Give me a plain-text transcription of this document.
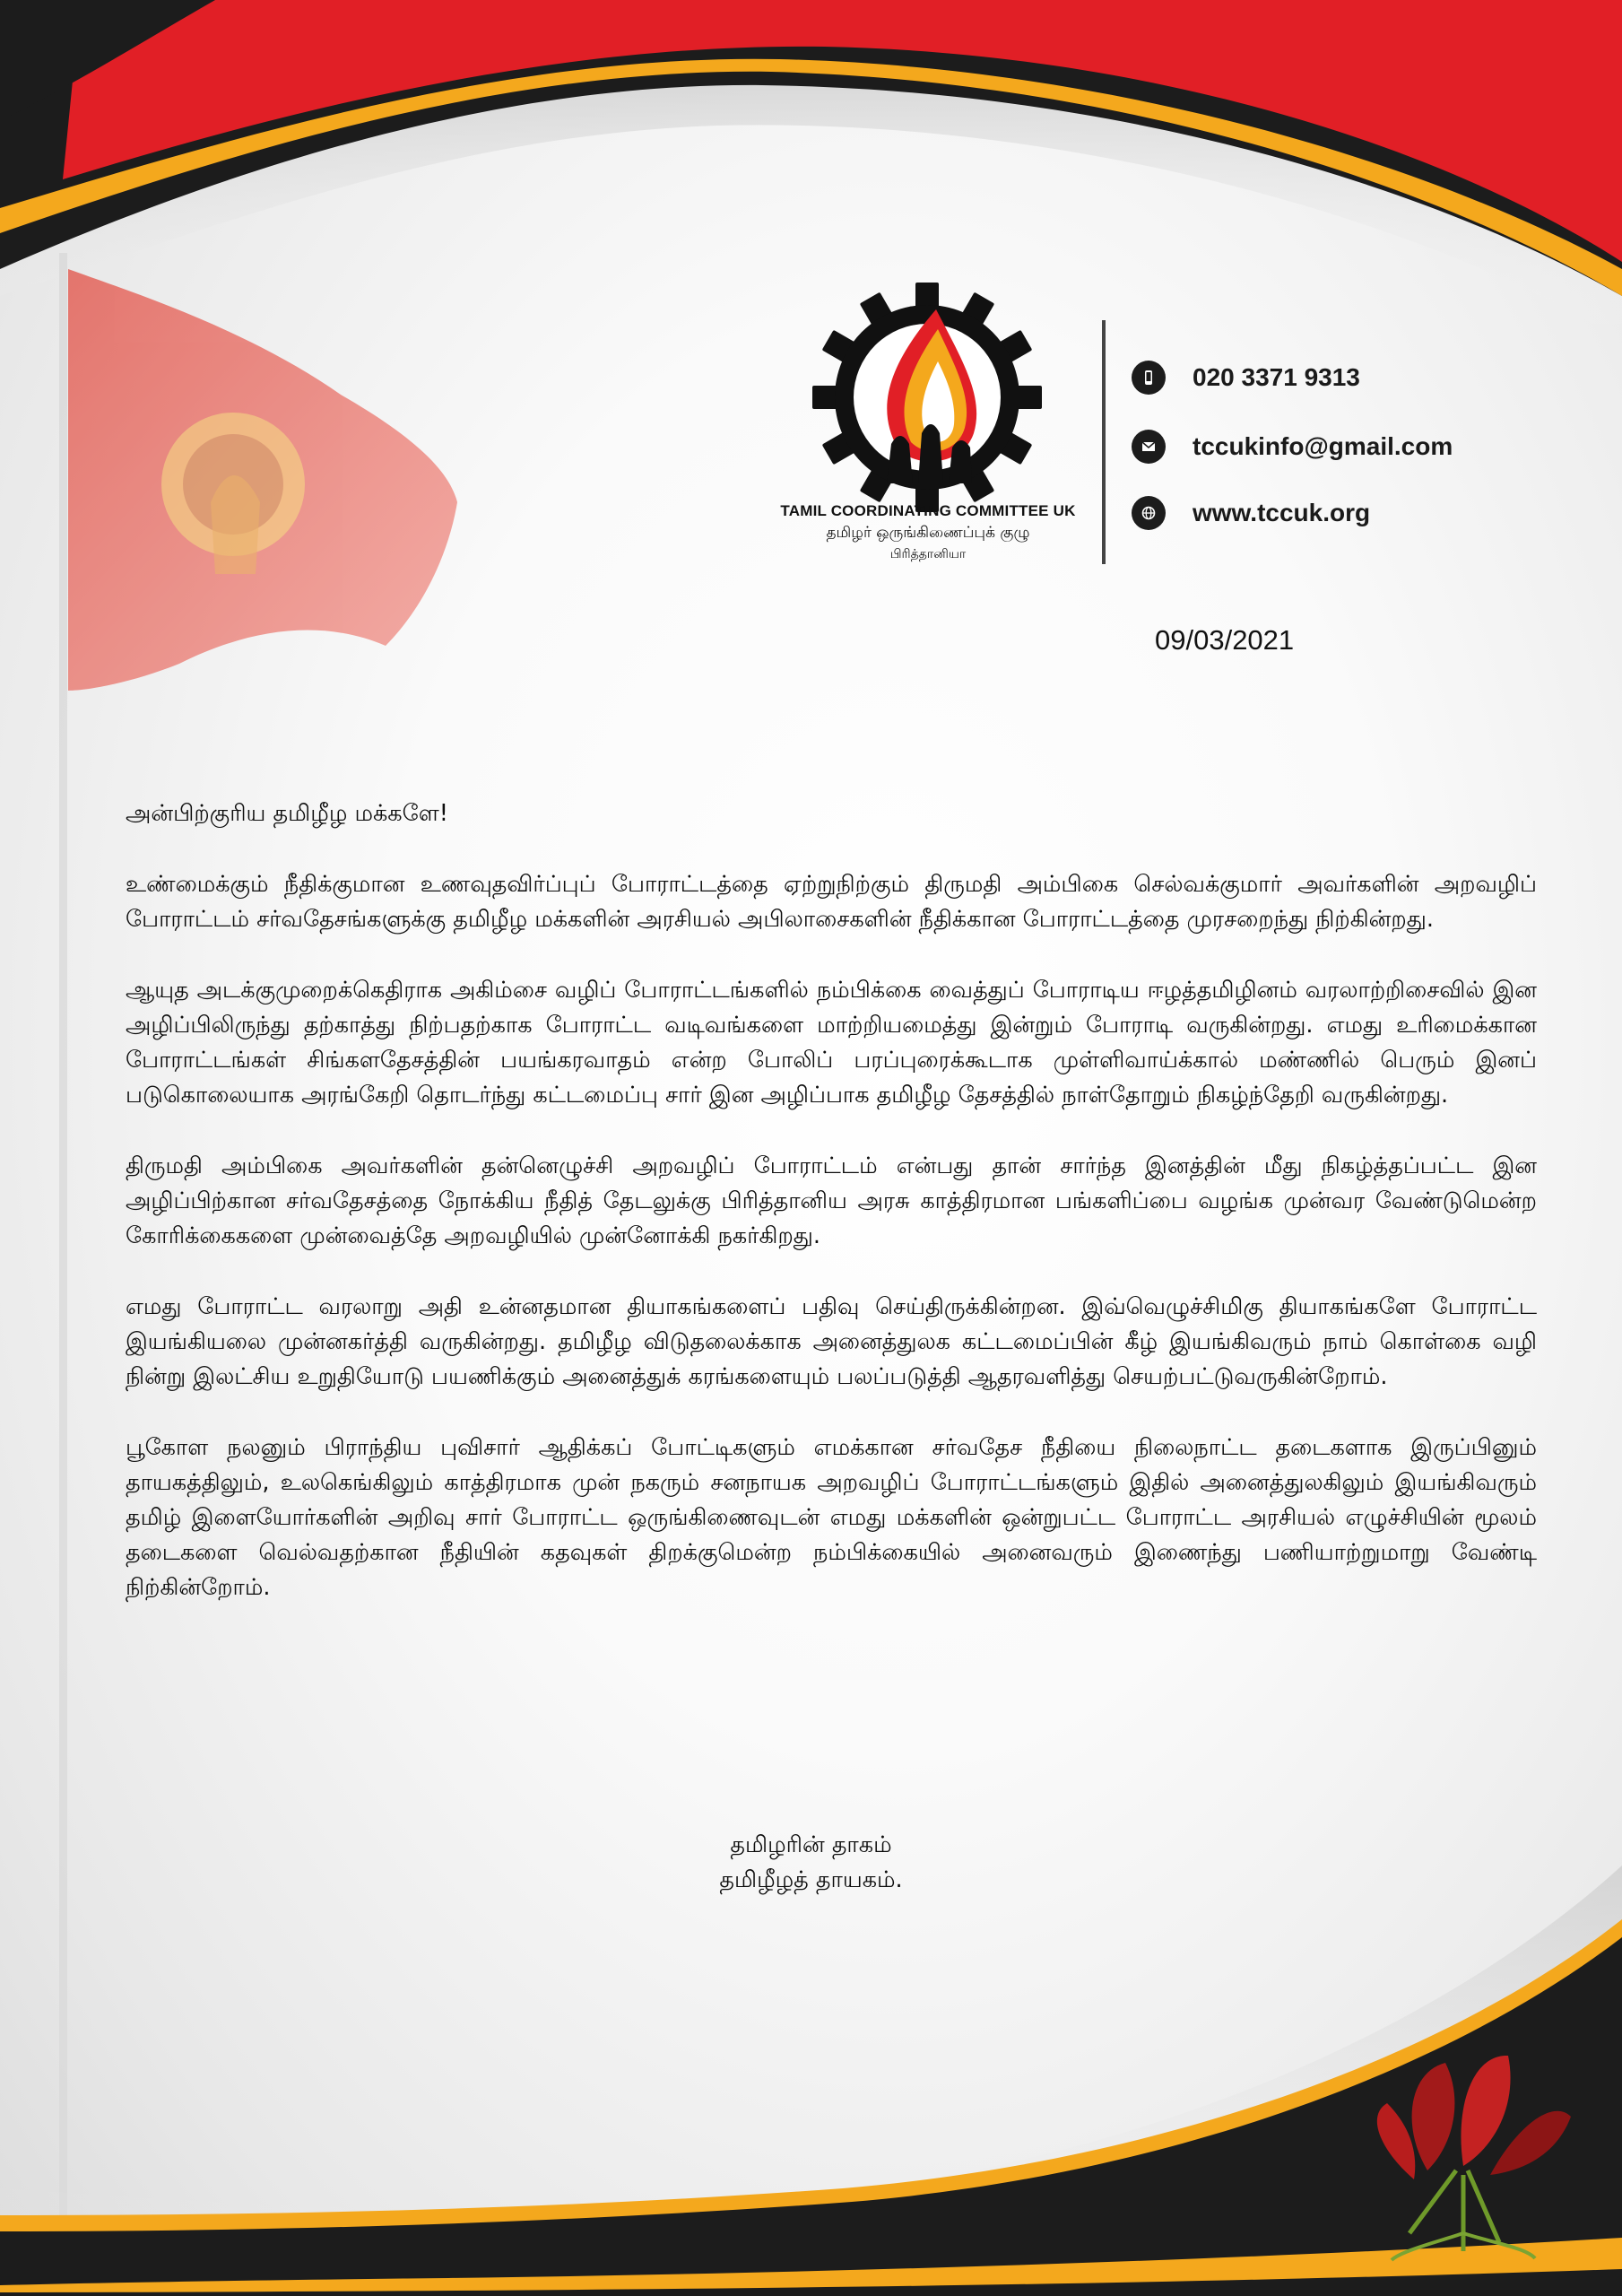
TAMIL COORDINATING COMMITTEE UK
தமிழர் ஒருங்கிணைப்புக் குழு
பிரித்தானியா
020 3371 9313
tccukinfo@gmail.com
www.tccuk.org
09/03/2021

அன்பிற்குரிய தமிழீழ மக்களே!

உண்மைக்கும் நீதிக்குமான உணவுதவிர்ப்புப் போராட்டத்தை ஏற்றுநிற்கும் திருமதி அம்பிகை செல்வக்குமார் அவர்களின் அறவழிப் போராட்டம் சர்வதேசங்களுக்கு தமிழீழ மக்களின் அரசியல் அபிலாசைகளின் நீதிக்கான போராட்டத்தை முரசறைந்து நிற்கின்றது.

ஆயுத அடக்குமுறைக்கெதிராக அகிம்சை வழிப் போராட்டங்களில் நம்பிக்கை வைத்துப் போராடிய ஈழத்தமிழினம் வரலாற்றிசைவில் இன அழிப்பிலிருந்து தற்காத்து நிற்பதற்காக போராட்ட வடிவங்களை மாற்றியமைத்து இன்றும் போராடி வருகின்றது. எமது உரிமைக்கான போராட்டங்கள் சிங்களதேசத்தின் பயங்கரவாதம் என்ற போலிப் பரப்புரைக்கூடாக முள்ளிவாய்க்கால் மண்ணில் பெரும் இனப் படுகொலையாக அரங்கேறி தொடர்ந்து கட்டமைப்பு சார் இன அழிப்பாக தமிழீழ தேசத்தில் நாள்தோறும் நிகழ்ந்தேறி வருகின்றது.

திருமதி அம்பிகை அவர்களின் தன்னெழுச்சி அறவழிப் போராட்டம் என்பது தான் சார்ந்த இனத்தின் மீது நிகழ்த்தப்பட்ட இன அழிப்பிற்கான சர்வதேசத்தை நோக்கிய நீதித் தேடலுக்கு பிரித்தானிய அரசு காத்திரமான பங்களிப்பை வழங்க முன்வர வேண்டுமென்ற கோரிக்கைகளை முன்வைத்தே அறவழியில் முன்னோக்கி நகர்கிறது.

எமது போராட்ட வரலாறு அதி உன்னதமான தியாகங்களைப் பதிவு செய்திருக்கின்றன. இவ்வெழுச்சிமிகு தியாகங்களே போராட்ட இயங்கியலை முன்னகர்த்தி வருகின்றது. தமிழீழ விடுதலைக்காக அனைத்துலக கட்டமைப்பின் கீழ் இயங்கிவரும் நாம் கொள்கை வழி நின்று இலட்சிய உறுதியோடு பயணிக்கும் அனைத்துக் கரங்களையும் பலப்படுத்தி ஆதரவளித்து செயற்பட்டுவருகின்றோம்.

பூகோள நலனும் பிராந்திய புவிசார் ஆதிக்கப் போட்டிகளும் எமக்கான சர்வதேச நீதியை நிலைநாட்ட தடைகளாக இருப்பினும் தாயகத்திலும், உலகெங்கிலும் காத்திரமாக முன் நகரும் சனநாயக அறவழிப் போராட்டங்களும் இதில் அனைத்துலகிலும் இயங்கிவரும் தமிழ் இளையோர்களின் அறிவு சார் போராட்ட ஒருங்கிணைவுடன் எமது மக்களின் ஒன்றுபட்ட போராட்ட அரசியல் எழுச்சியின் மூலம் தடைகளை வெல்வதற்கான நீதியின் கதவுகள் திறக்குமென்ற நம்பிக்கையில் அனைவரும் இணைந்து பணியாற்றுமாறு வேண்டி நிற்கின்றோம்.

தமிழரின் தாகம்
தமிழீழத் தாயகம்.
